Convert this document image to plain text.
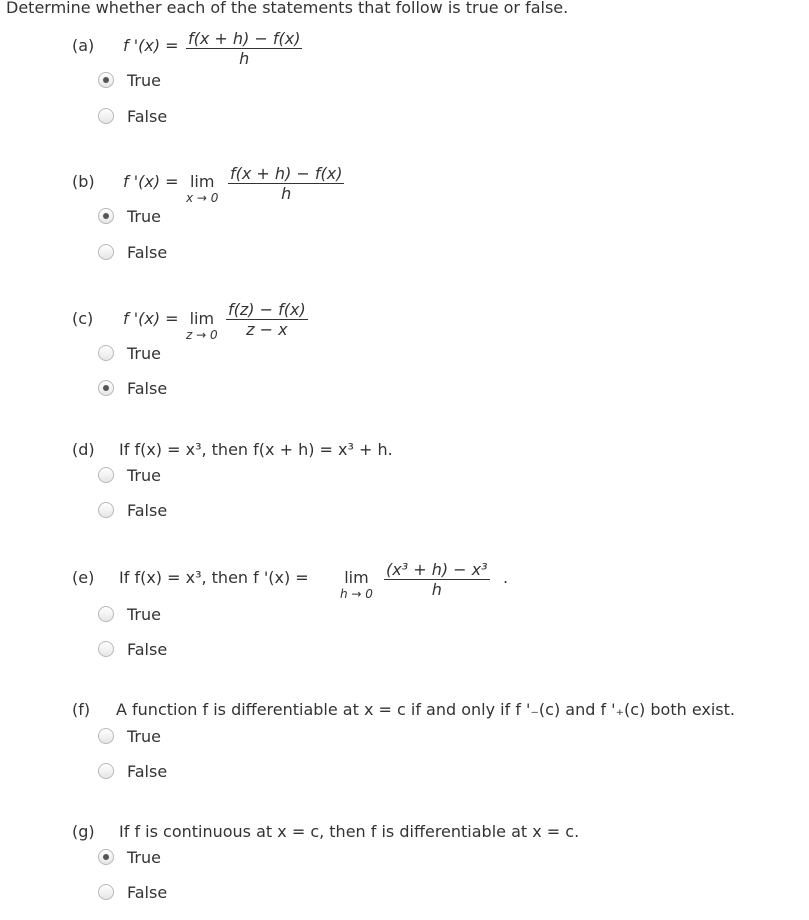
Determine whether each of the statements that follow is true or false.
(a) f '$(x) = \frac{f(x + h) - f(x)}{h}$
True
False
(b) f '(x) = lim
$x \to 0 \frac{f(x + h) - f(x)}{h}$
True
False
(c) f '(x) = lim
$z \to 0 \frac{f(z) - f(x)}{z - x}$
True
False
(d) If f(x) = x³, then f(x + h) = x³ + h.
True
False
(e) If f(x) = x³, then f '(x) = lim
$h \to 0 \frac{\text{(x³ + h) − x³}}{h}$ .
True
False
(f) A function f is differentiable at x = c if and only if f '₋(c) and f '₊(c) both exist.
True
False
(g) If f is continuous at x = c, then f is differentiable at x = c.
True
False
